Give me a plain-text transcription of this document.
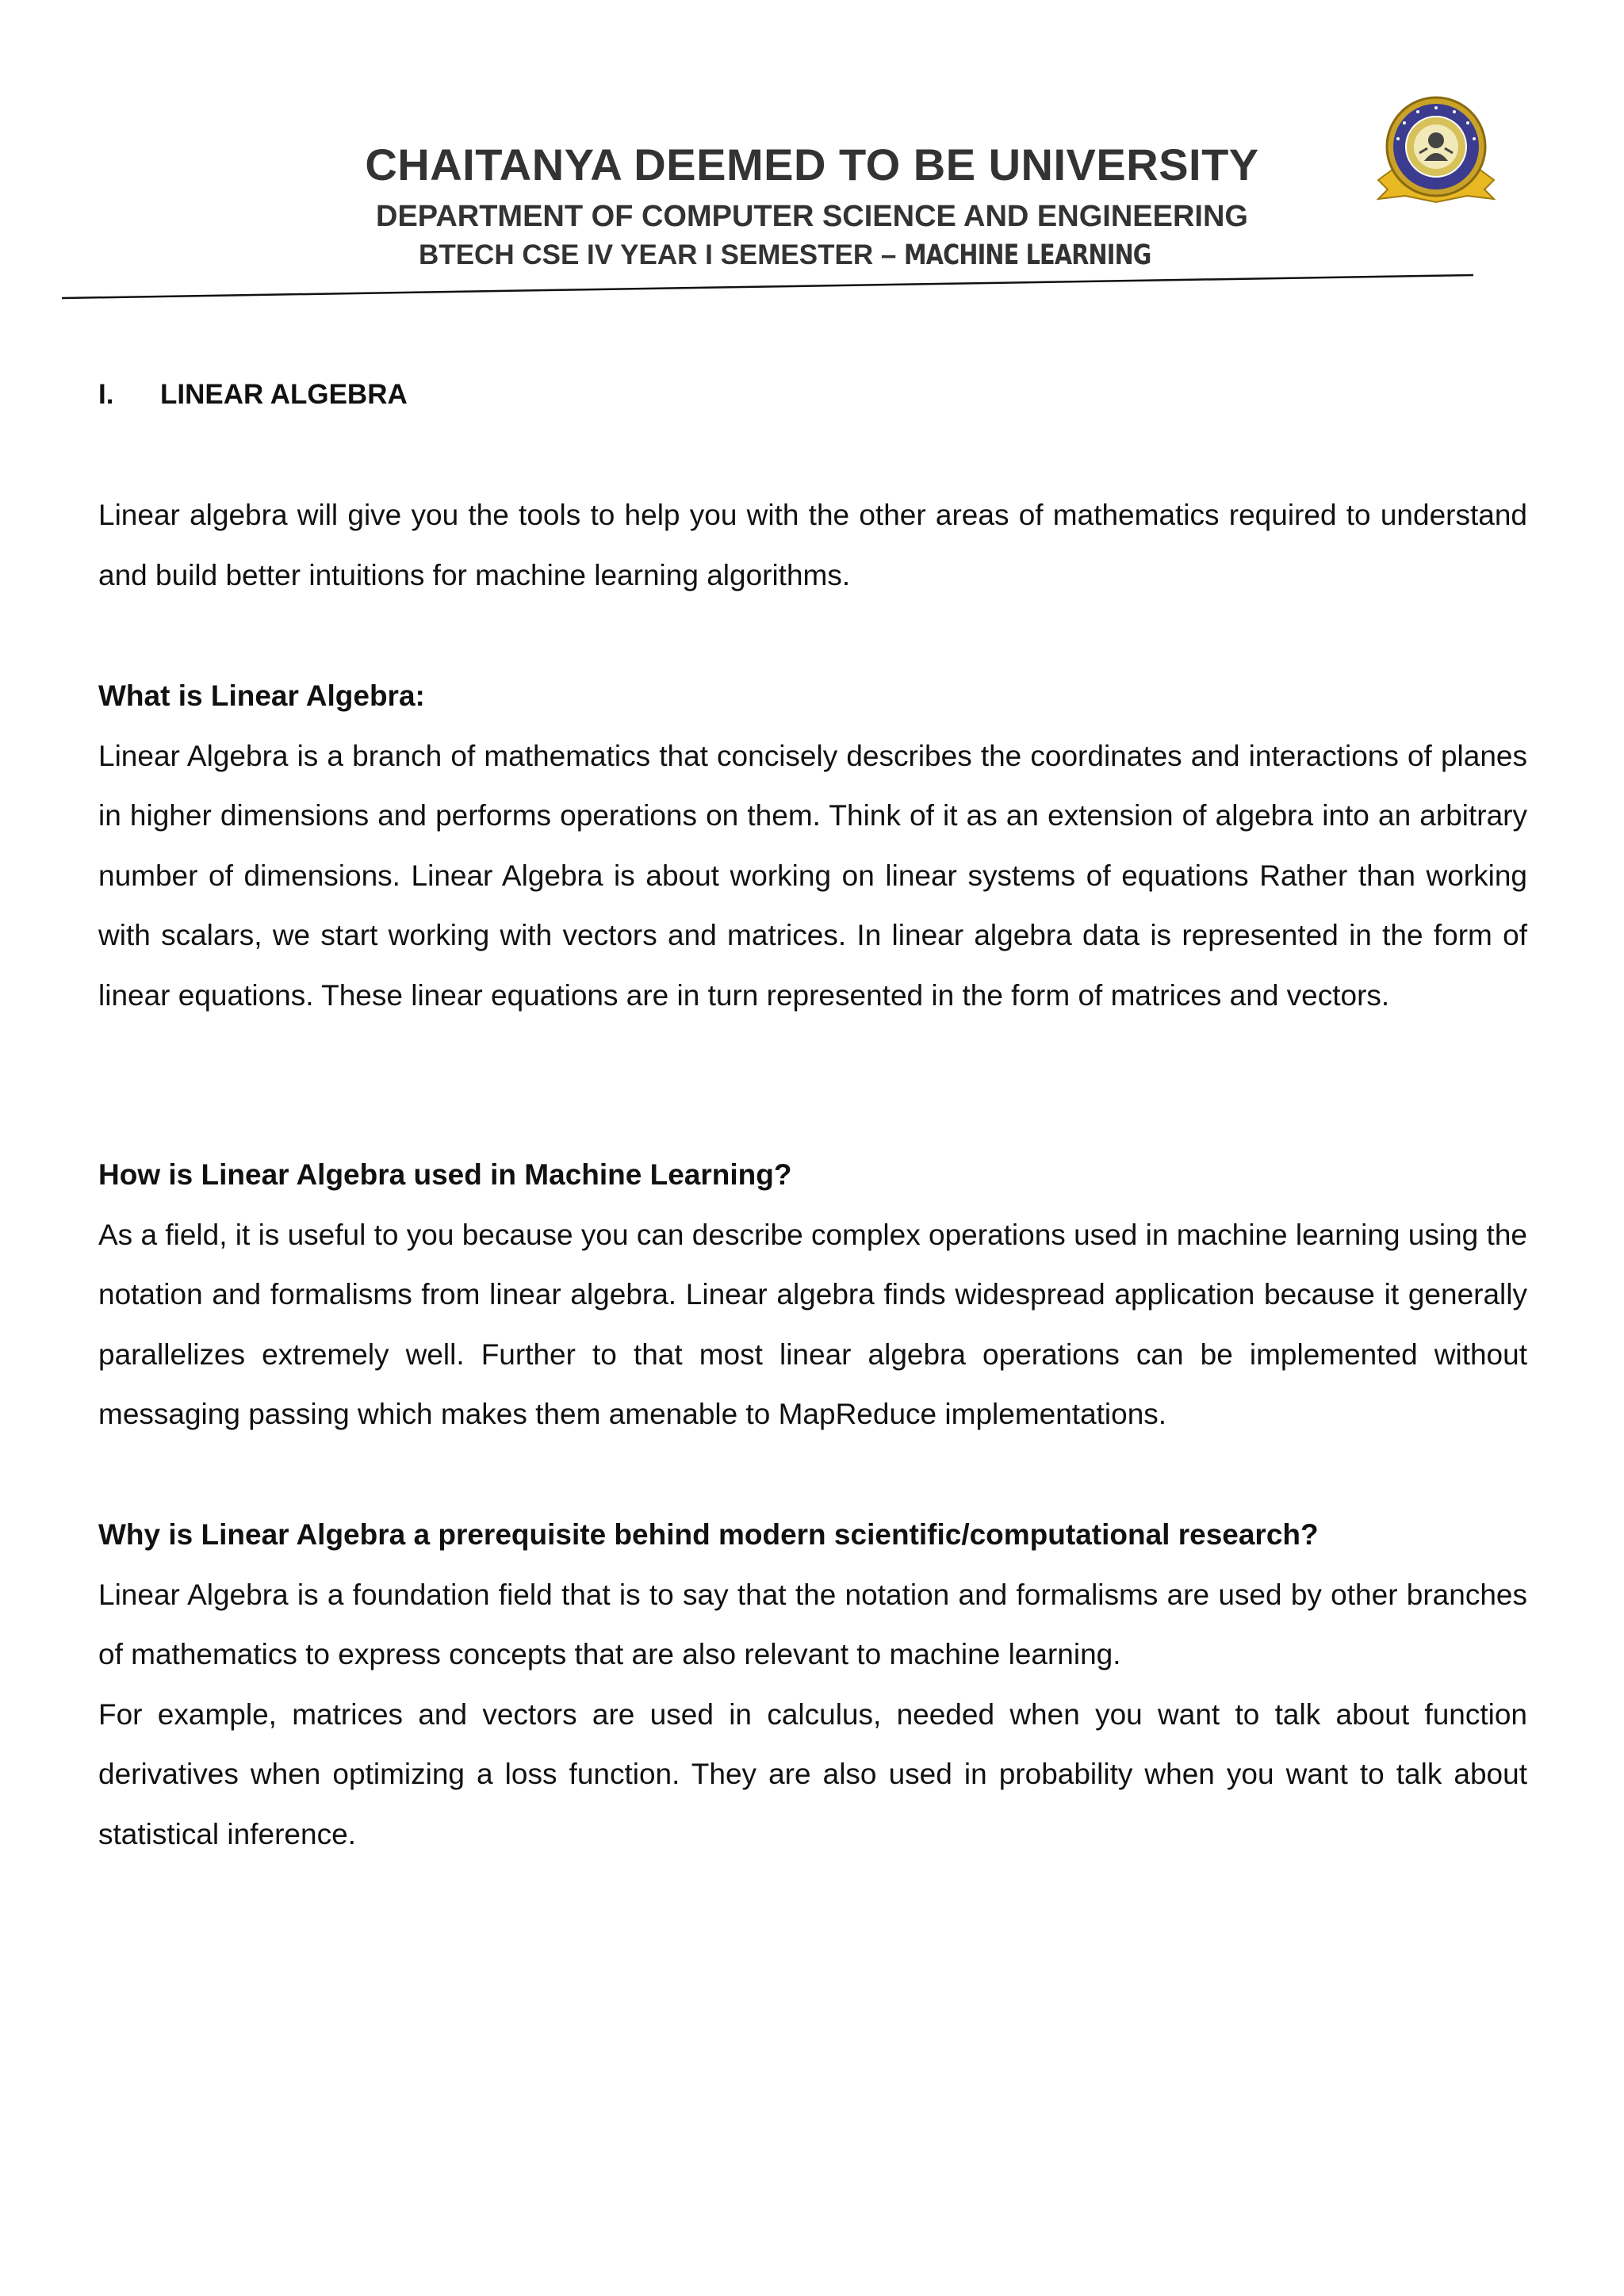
CHAITANYA DEEMED TO BE UNIVERSITY
DEPARTMENT OF COMPUTER SCIENCE AND ENGINEERING
BTECH CSE IV YEAR I SEMESTER – MACHINE LEARNING
I. LINEAR ALGEBRA

Linear algebra will give you the tools to help you with the other areas of mathematics required to understand and build better intuitions for machine learning algorithms.

What is Linear Algebra:

Linear Algebra is a branch of mathematics that concisely describes the coordinates and interactions of planes in higher dimensions and performs operations on them. Think of it as an extension of algebra into an arbitrary number of dimensions. Linear Algebra is about working on linear systems of equations Rather than working with scalars, we start working with vectors and matrices. In linear algebra data is represented in the form of linear equations. These linear equations are in turn represented in the form of matrices and vectors.

How is Linear Algebra used in Machine Learning?

As a field, it is useful to you because you can describe complex operations used in machine learning using the notation and formalisms from linear algebra. Linear algebra finds widespread application because it generally parallelizes extremely well. Further to that most linear algebra operations can be implemented without messaging passing which makes them amenable to MapReduce implementations.

Why is Linear Algebra a prerequisite behind modern scientific/computational research?

Linear Algebra is a foundation field that is to say that the notation and formalisms are used by other branches of mathematics to express concepts that are also relevant to machine learning.

For example, matrices and vectors are used in calculus, needed when you want to talk about function derivatives when optimizing a loss function. They are also used in probability when you want to talk about statistical inference.
